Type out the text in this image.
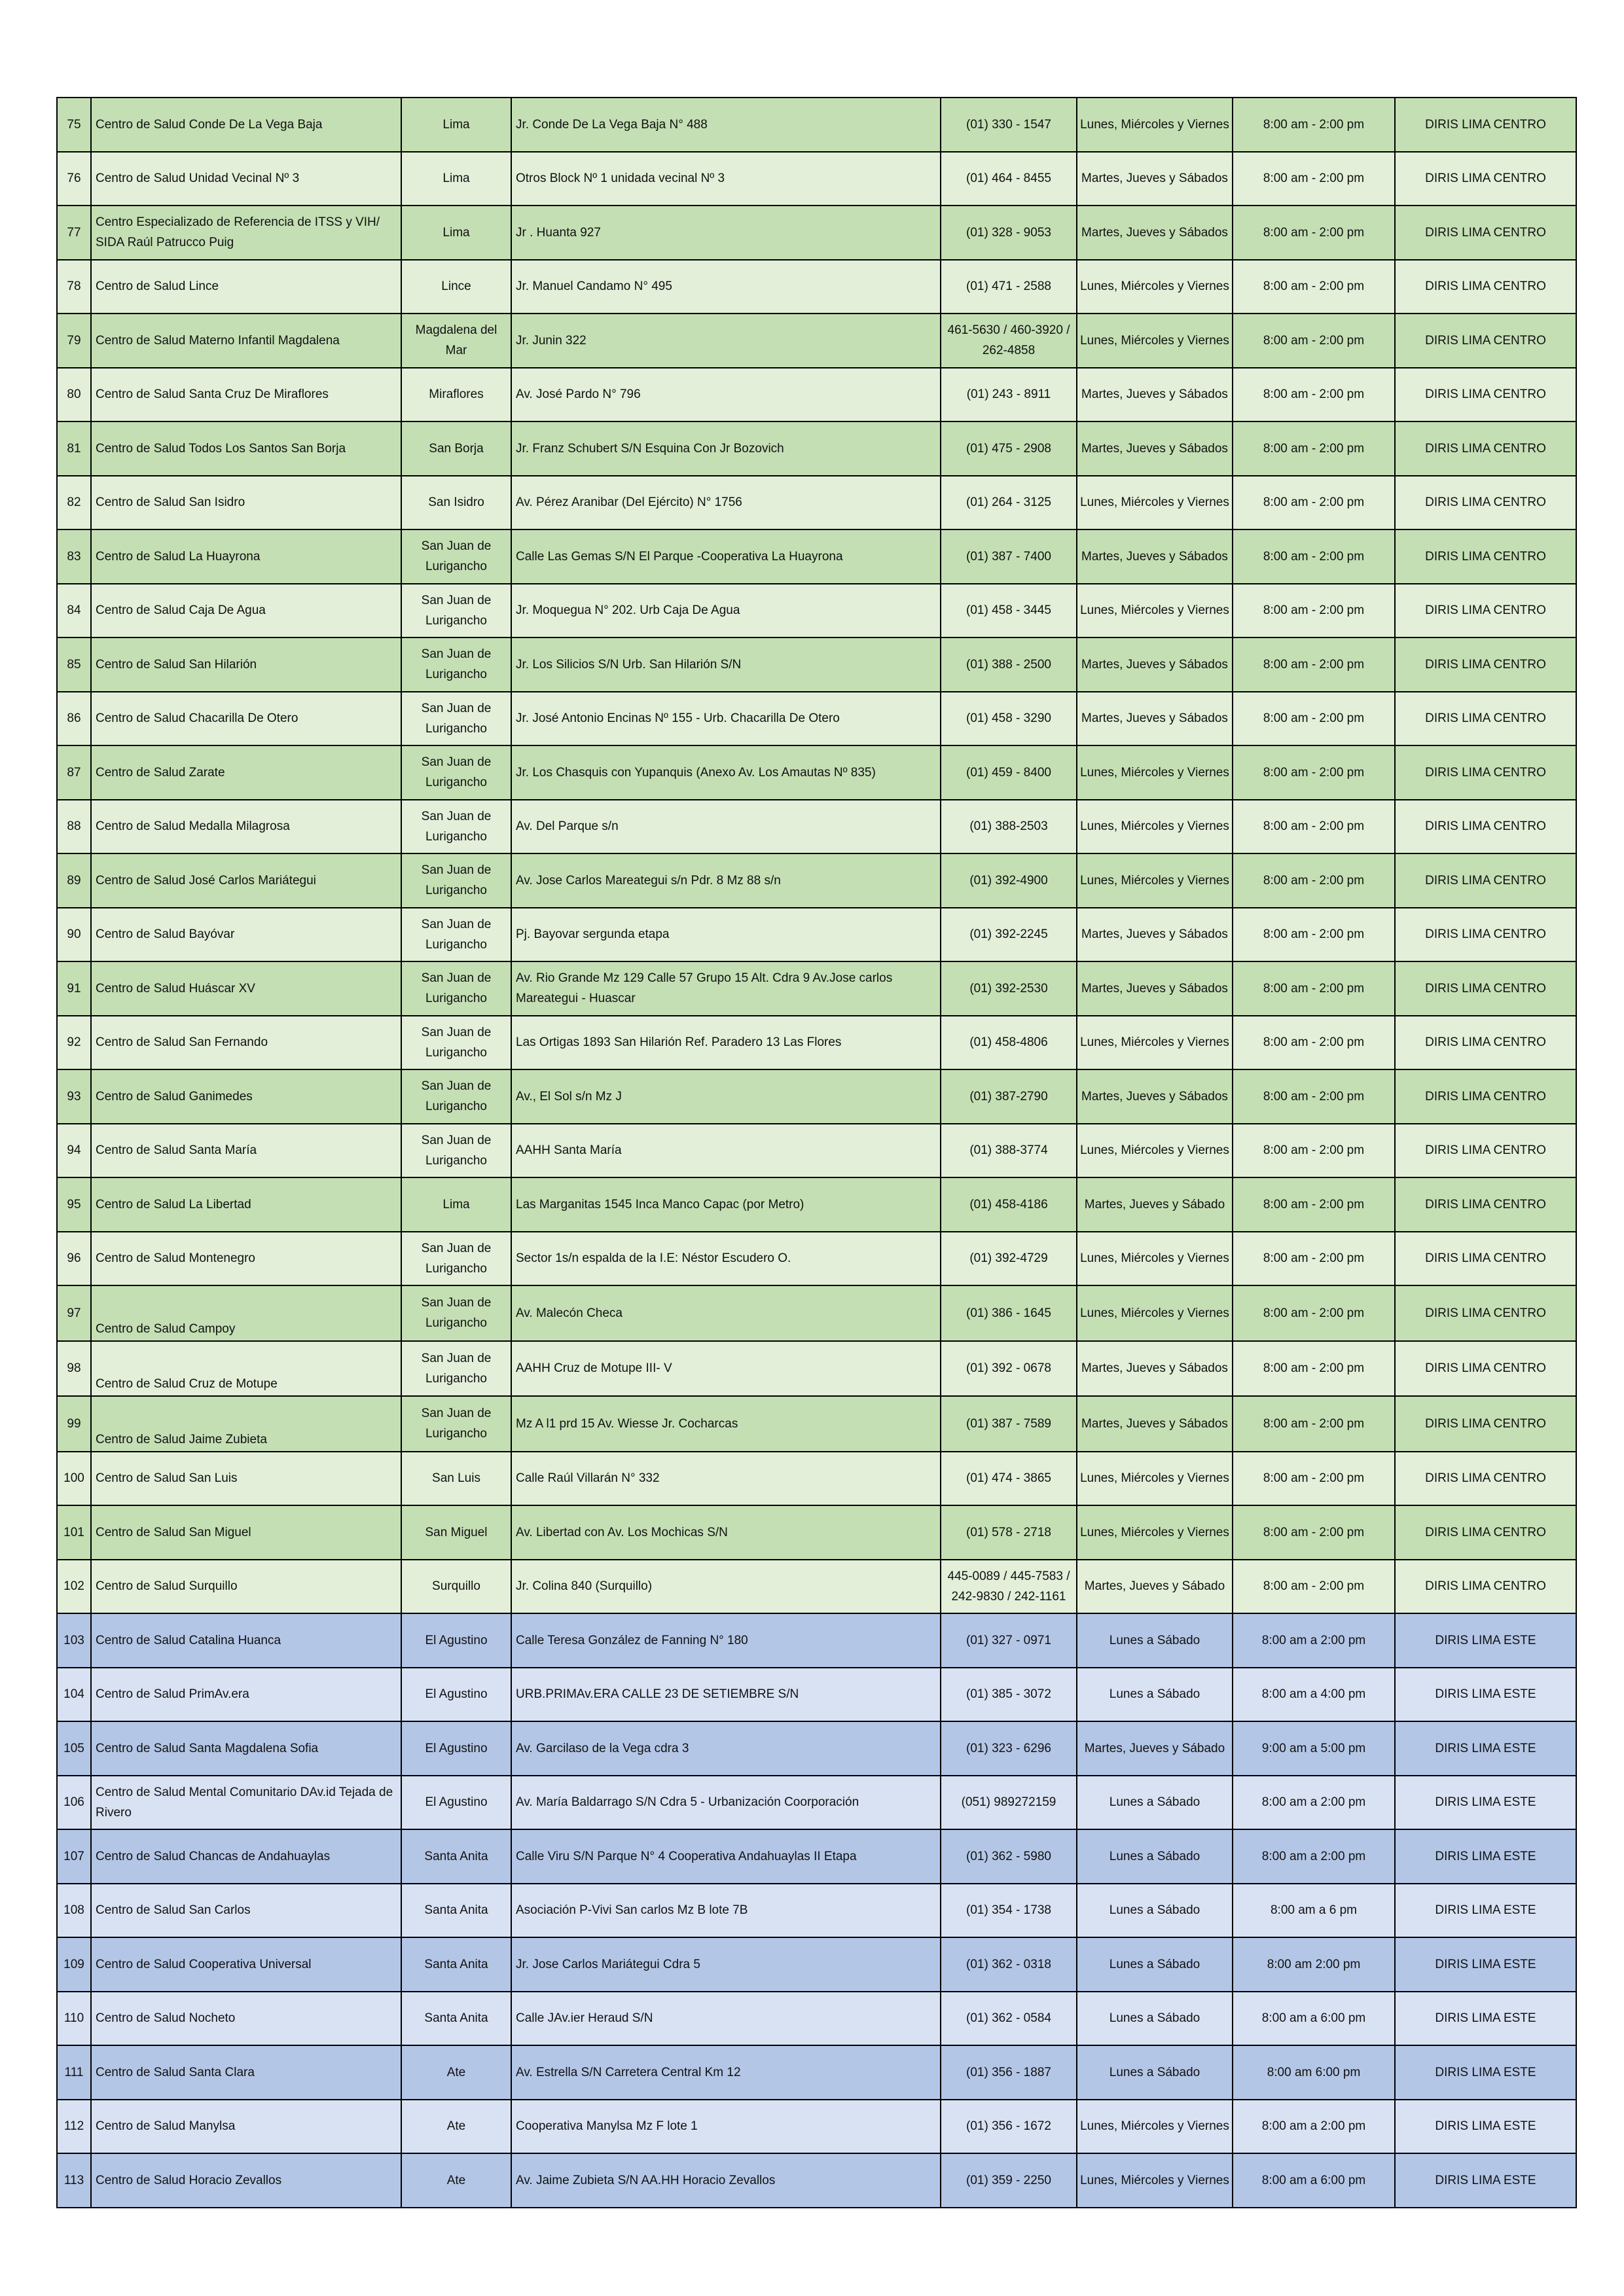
75	Centro de Salud Conde De La Vega Baja	Lima	Jr. Conde De La Vega Baja N° 488	(01) 330 - 1547	Lunes, Miércoles y Viernes	8:00 am - 2:00 pm	DIRIS LIMA CENTRO
76	Centro de Salud Unidad Vecinal Nº 3	Lima	Otros Block Nº 1 unidada vecinal Nº 3	(01) 464 - 8455	Martes, Jueves y Sábados	8:00 am - 2:00 pm	DIRIS LIMA CENTRO
77	Centro Especializado de Referencia de ITSS y VIH/ SIDA Raúl Patrucco Puig	Lima	Jr . Huanta 927	(01) 328 - 9053	Martes, Jueves y Sábados	8:00 am - 2:00 pm	DIRIS LIMA CENTRO
78	Centro de Salud Lince	Lince	Jr. Manuel Candamo N° 495	(01) 471 - 2588	Lunes, Miércoles y Viernes	8:00 am - 2:00 pm	DIRIS LIMA CENTRO
79	Centro de Salud Materno Infantil Magdalena	Magdalena del Mar	Jr. Junin 322	461-5630 / 460-3920 / 262-4858	Lunes, Miércoles y Viernes	8:00 am - 2:00 pm	DIRIS LIMA CENTRO
80	Centro de Salud Santa Cruz De Miraflores	Miraflores	Av. José Pardo N° 796	(01) 243 - 8911	Martes, Jueves y Sábados	8:00 am - 2:00 pm	DIRIS LIMA CENTRO
81	Centro de Salud Todos Los Santos San Borja	San Borja	Jr. Franz Schubert S/N Esquina Con Jr Bozovich	(01) 475 - 2908	Martes, Jueves y Sábados	8:00 am - 2:00 pm	DIRIS LIMA CENTRO
82	Centro de Salud San Isidro	San Isidro	Av. Pérez Aranibar (Del Ejército) N° 1756	(01) 264 - 3125	Lunes, Miércoles y Viernes	8:00 am - 2:00 pm	DIRIS LIMA CENTRO
83	Centro de Salud La Huayrona	San Juan de Lurigancho	Calle Las Gemas S/N El Parque -Cooperativa La Huayrona	(01) 387 - 7400	Martes, Jueves y Sábados	8:00 am - 2:00 pm	DIRIS LIMA CENTRO
84	Centro de Salud Caja De Agua	San Juan de Lurigancho	Jr. Moquegua N° 202. Urb Caja De Agua	(01) 458 - 3445	Lunes, Miércoles y Viernes	8:00 am - 2:00 pm	DIRIS LIMA CENTRO
85	Centro de Salud San Hilarión	San Juan de Lurigancho	Jr. Los Silicios S/N Urb. San Hilarión S/N	(01) 388 - 2500	Martes, Jueves y Sábados	8:00 am - 2:00 pm	DIRIS LIMA CENTRO
86	Centro de Salud Chacarilla De Otero	San Juan de Lurigancho	Jr. José Antonio Encinas Nº 155 - Urb. Chacarilla De Otero	(01) 458 - 3290	Martes, Jueves y Sábados	8:00 am - 2:00 pm	DIRIS LIMA CENTRO
87	Centro de Salud Zarate	San Juan de Lurigancho	Jr. Los Chasquis con Yupanquis (Anexo Av. Los Amautas Nº 835)	(01) 459 - 8400	Lunes, Miércoles y Viernes	8:00 am - 2:00 pm	DIRIS LIMA CENTRO
88	Centro de Salud Medalla Milagrosa	San Juan de Lurigancho	Av. Del Parque s/n	(01) 388-2503	Lunes, Miércoles y Viernes	8:00 am - 2:00 pm	DIRIS LIMA CENTRO
89	Centro de Salud José Carlos Mariátegui	San Juan de Lurigancho	Av. Jose Carlos Mareategui s/n Pdr. 8 Mz 88 s/n	(01) 392-4900	Lunes, Miércoles y Viernes	8:00 am - 2:00 pm	DIRIS LIMA CENTRO
90	Centro de Salud Bayóvar	San Juan de Lurigancho	Pj. Bayovar sergunda etapa	(01) 392-2245	Martes, Jueves y Sábados	8:00 am - 2:00 pm	DIRIS LIMA CENTRO
91	Centro de Salud Huáscar XV	San Juan de Lurigancho	Av. Rio Grande Mz 129 Calle 57 Grupo 15 Alt. Cdra 9 Av.Jose carlos Mareategui - Huascar	(01) 392-2530	Martes, Jueves y Sábados	8:00 am - 2:00 pm	DIRIS LIMA CENTRO
92	Centro de Salud San Fernando	San Juan de Lurigancho	Las Ortigas 1893 San Hilarión Ref. Paradero 13 Las Flores	(01) 458-4806	Lunes, Miércoles y Viernes	8:00 am - 2:00 pm	DIRIS LIMA CENTRO
93	Centro de Salud Ganimedes	San Juan de Lurigancho	Av., El Sol s/n Mz J	(01) 387-2790	Martes, Jueves y Sábados	8:00 am - 2:00 pm	DIRIS LIMA CENTRO
94	Centro de Salud Santa María	San Juan de Lurigancho	AAHH Santa María	(01) 388-3774	Lunes, Miércoles y Viernes	8:00 am - 2:00 pm	DIRIS LIMA CENTRO
95	Centro de Salud La Libertad	Lima	Las Marganitas 1545 Inca Manco Capac (por Metro)	(01) 458-4186	Martes, Jueves y Sábado	8:00 am - 2:00 pm	DIRIS LIMA CENTRO
96	Centro de Salud Montenegro	San Juan de Lurigancho	Sector 1s/n espalda de la I.E: Néstor Escudero O.	(01) 392-4729	Lunes, Miércoles y Viernes	8:00 am - 2:00 pm	DIRIS LIMA CENTRO
97	Centro de Salud Campoy	San Juan de Lurigancho	Av. Malecón Checa	(01) 386 - 1645	Lunes, Miércoles y Viernes	8:00 am - 2:00 pm	DIRIS LIMA CENTRO
98	Centro de Salud Cruz de Motupe	San Juan de Lurigancho	AAHH Cruz de Motupe III- V	(01) 392 - 0678	Martes, Jueves y Sábados	8:00 am - 2:00 pm	DIRIS LIMA CENTRO
99	Centro de Salud Jaime Zubieta	San Juan de Lurigancho	Mz A l1 prd 15 Av. Wiesse Jr. Cocharcas	(01) 387 - 7589	Martes, Jueves y Sábados	8:00 am - 2:00 pm	DIRIS LIMA CENTRO
100	Centro de Salud San Luis	San Luis	Calle Raúl Villarán N° 332	(01) 474 - 3865	Lunes, Miércoles y Viernes	8:00 am - 2:00 pm	DIRIS LIMA CENTRO
101	Centro de Salud San Miguel	San Miguel	Av. Libertad con Av. Los Mochicas S/N	(01) 578 - 2718	Lunes, Miércoles y Viernes	8:00 am - 2:00 pm	DIRIS LIMA CENTRO
102	Centro de Salud Surquillo	Surquillo	Jr. Colina 840 (Surquillo)	445-0089 / 445-7583 / 242-9830 / 242-1161	Martes, Jueves y Sábado	8:00 am - 2:00 pm	DIRIS LIMA CENTRO
103	Centro de Salud Catalina Huanca	El Agustino	Calle Teresa González de Fanning N° 180	(01) 327 - 0971	Lunes a Sábado	8:00 am a 2:00 pm	DIRIS LIMA ESTE
104	Centro de Salud PrimAv.era	El Agustino	URB.PRIMAv.ERA CALLE 23 DE SETIEMBRE S/N	(01) 385 - 3072	Lunes a Sábado	8:00 am a 4:00 pm	DIRIS LIMA ESTE
105	Centro de Salud Santa Magdalena Sofia	El Agustino	Av. Garcilaso de la Vega cdra 3	(01) 323 - 6296	Martes, Jueves y Sábado	9:00 am a 5:00 pm	DIRIS LIMA ESTE
106	Centro de Salud Mental Comunitario DAv.id Tejada de Rivero	El Agustino	Av. María Baldarrago S/N Cdra 5 - Urbanización Coorporación	(051) 989272159	Lunes a Sábado	8:00 am a 2:00 pm	DIRIS LIMA ESTE
107	Centro de Salud Chancas de Andahuaylas	Santa Anita	Calle Viru S/N Parque N° 4 Cooperativa Andahuaylas II Etapa	(01) 362 - 5980	Lunes a Sábado	8:00 am a 2:00 pm	DIRIS LIMA ESTE
108	Centro de Salud San Carlos	Santa Anita	Asociación P-Vivi San carlos Mz B lote 7B	(01) 354 - 1738	Lunes a Sábado	8:00 am a 6 pm	DIRIS LIMA ESTE
109	Centro de Salud Cooperativa Universal	Santa Anita	Jr. Jose Carlos Mariátegui Cdra 5	(01) 362 - 0318	Lunes a Sábado	8:00 am 2:00 pm	DIRIS LIMA ESTE
110	Centro de Salud Nocheto	Santa Anita	Calle JAv.ier Heraud S/N	(01) 362 - 0584	Lunes a Sábado	8:00 am a 6:00 pm	DIRIS LIMA ESTE
111	Centro de Salud Santa Clara	Ate	Av. Estrella S/N Carretera Central Km 12	(01) 356 - 1887	Lunes a Sábado	8:00 am 6:00 pm	DIRIS LIMA ESTE
112	Centro de Salud Manylsa	Ate	Cooperativa Manylsa Mz F lote 1	(01) 356 - 1672	Lunes, Miércoles y Viernes	8:00 am a 2:00 pm	DIRIS LIMA ESTE
113	Centro de Salud Horacio Zevallos	Ate	Av. Jaime Zubieta S/N AA.HH Horacio Zevallos	(01) 359 - 2250	Lunes, Miércoles y Viernes	8:00 am a 6:00 pm	DIRIS LIMA ESTE
